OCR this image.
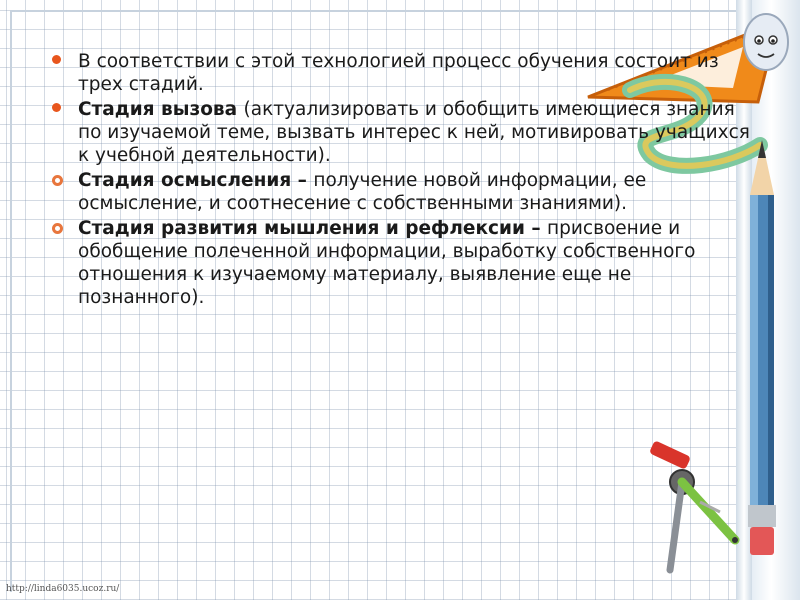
В соответствии с этой технологией процесс обучения состоит из трех стадий.
Стадия вызова (актуализировать и обобщить имеющиеся знания по изучаемой теме, вызвать интерес к ней, мотивировать учащихся к учебной деятельности).
Стадия осмысления – получение новой информации, ее осмысление, и соотнесение с собственными знаниями).
Стадия развития мышления и рефлексии – присвоение и обобщение полеченной информации, выработку собственного отношения к изучаемому материалу, выявление еще не познанного).
http://linda6035.ucoz.ru/
